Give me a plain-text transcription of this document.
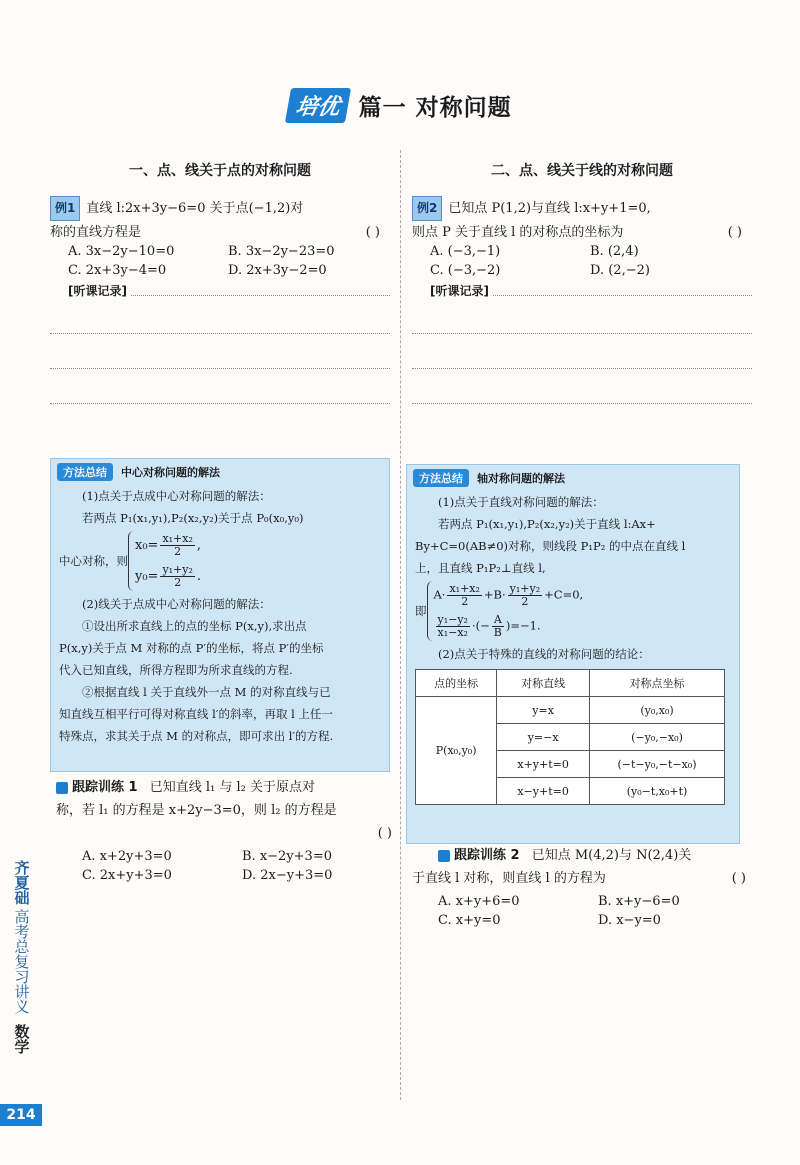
培优 篇一 对称问题
一、点、线关于点的对称问题
例1 直线 l:2x+3y−6=0 关于点(−1,2)对
称的直线方程是	( )
A. 3x−2y−10=0	B. 3x−2y−23=0
C. 2x+3y−4=0	D. 2x+3y−2=0
[听课记录]
方法总结 中心对称问题的解法

(1)点关于点成中心对称问题的解法：

若两点 P₁(x₁,y₁),P₂(x₂,y₂)关于点 P₀(x₀,y₀)

中心对称，则
$x_0= \frac{\text{x₁+x₂}}{2}$ ,
$y_0= \frac{\text{y₁+y₂}}{2}$ .

(2)线关于点成中心对称问题的解法：

①设出所求直线上的点的坐标 P(x,y),求出点

P(x,y)关于点 M 对称的点 P′的坐标，将点 P′的坐标

代入已知直线，所得方程即为所求直线的方程.

②根据直线 l 关于直线外一点 M 的对称直线与已

知直线互相平行可得对称直线 l′的斜率，再取 l 上任一

特殊点，求其关于点 M 的对称点，即可求出 l′的方程.

跟踪训练 1 已知直线 l₁ 与 l₂ 关于原点对
称，若 l₁ 的方程是 x+2y−3=0，则 l₂ 的方程是
( )
A. x+2y+3=0	B. x−2y+3=0
C. 2x+y+3=0	D. 2x−y+3=0
二、点、线关于线的对称问题
例2 已知点 P(1,2)与直线 l:x+y+1=0,
则点 P 关于直线 l 的对称点的坐标为	( )
A. (−3,−1)	B. (2,4)
C. (−3,−2)	D. (2,−2)
[听课记录]
方法总结 轴对称问题的解法

(1)点关于直线对称问题的解法：

若两点 P₁(x₁,y₁),P₂(x₂,y₂)关于直线 l:Ax+

By+C=0(AB≠0)对称，则线段 P₁P₂ 的中点在直线 l

上，且直线 P₁P₂⊥直线 l,

即
$A\cdot \frac{\text{x₁+x₂}}{2} +B\cdot \frac{\text{y₁+y₂}}{2} +C=0$,
$\frac{\text{y₁−y₂}}{\text{x₁−x₂}}$ ·(− $\frac{A}{B} )=-1$.

(2)点关于特殊的直线的对称问题的结论：

点的坐标	对称直线	对称点坐标
P(x₀,y₀)	y=x	(y₀,x₀)
	y=−x	(−y₀,−x₀)
	x+y+t=0	(−t−y₀,−t−x₀)
	x−y+t=0	(y₀−t,x₀+t)
跟踪训练 2 已知点 M(4,2)与 N(2,4)关
于直线 l 对称，则直线 l 的方程为	( )
A. x+y+6=0	B. x+y−6=0
C. x+y=0	D. x−y=0
齐夏础
高考总复习讲义
数学
214
